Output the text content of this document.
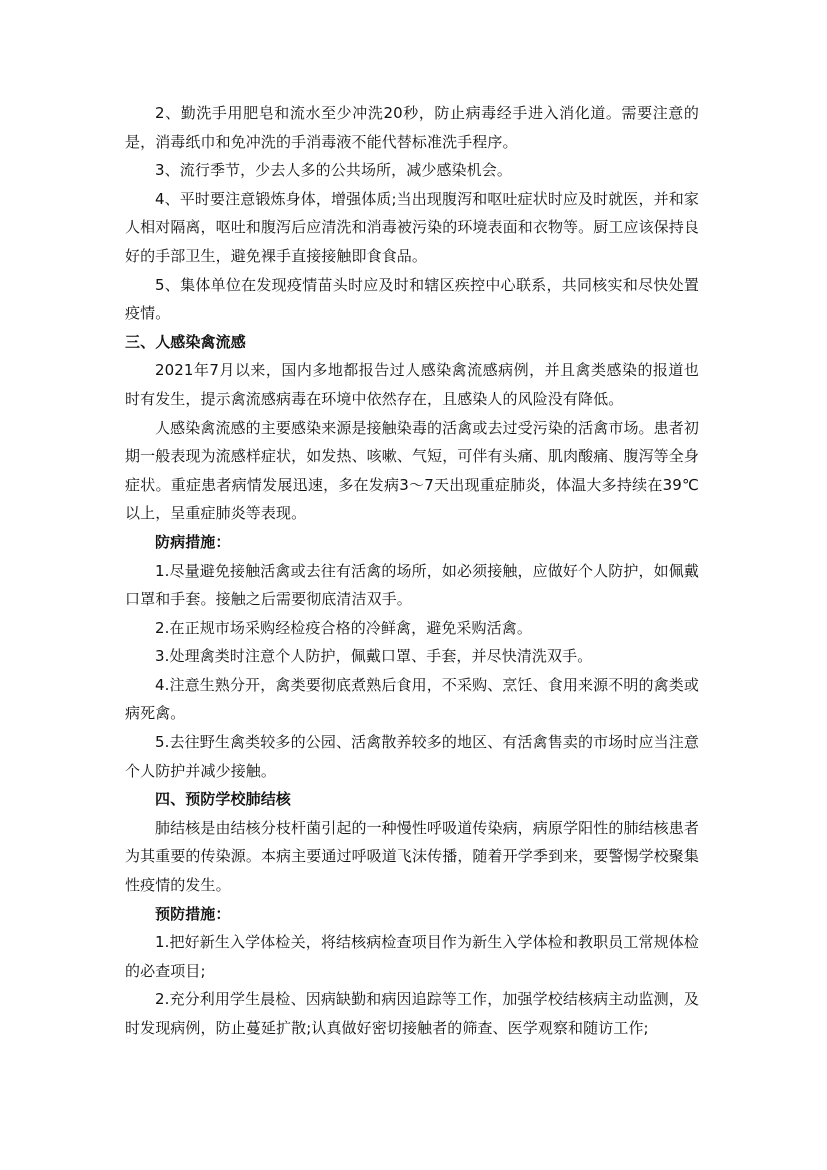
2、勤洗手用肥皂和流水至少冲洗20秒，防止病毒经手进入消化道。需要注意的是，消毒纸巾和免冲洗的手消毒液不能代替标准洗手程序。

3、流行季节，少去人多的公共场所，减少感染机会。

4、平时要注意锻炼身体，增强体质;当出现腹泻和呕吐症状时应及时就医，并和家人相对隔离，呕吐和腹泻后应清洗和消毒被污染的环境表面和衣物等。厨工应该保持良好的手部卫生，避免裸手直接接触即食食品。

5、集体单位在发现疫情苗头时应及时和辖区疾控中心联系，共同核实和尽快处置疫情。

三、人感染禽流感

2021年7月以来，国内多地都报告过人感染禽流感病例，并且禽类感染的报道也时有发生，提示禽流感病毒在环境中依然存在，且感染人的风险没有降低。

人感染禽流感的主要感染来源是接触染毒的活禽或去过受污染的活禽市场。患者初期一般表现为流感样症状，如发热、咳嗽、气短，可伴有头痛、肌肉酸痛、腹泻等全身症状。重症患者病情发展迅速，多在发病3～7天出现重症肺炎，体温大多持续在39℃以上，呈重症肺炎等表现。

防病措施：

1.尽量避免接触活禽或去往有活禽的场所，如必须接触，应做好个人防护，如佩戴口罩和手套。接触之后需要彻底清洁双手。

2.在正规市场采购经检疫合格的冷鲜禽，避免采购活禽。

3.处理禽类时注意个人防护，佩戴口罩、手套，并尽快清洗双手。

4.注意生熟分开，禽类要彻底煮熟后食用，不采购、烹饪、食用来源不明的禽类或病死禽。

5.去往野生禽类较多的公园、活禽散养较多的地区、有活禽售卖的市场时应当注意个人防护并减少接触。

四、预防学校肺结核

肺结核是由结核分枝杆菌引起的一种慢性呼吸道传染病，病原学阳性的肺结核患者为其重要的传染源。本病主要通过呼吸道飞沫传播，随着开学季到来，要警惕学校聚集性疫情的发生。

预防措施：

1.把好新生入学体检关，将结核病检查项目作为新生入学体检和教职员工常规体检的必查项目;

2.充分利用学生晨检、因病缺勤和病因追踪等工作，加强学校结核病主动监测，及时发现病例，防止蔓延扩散;认真做好密切接触者的筛查、医学观察和随访工作;
